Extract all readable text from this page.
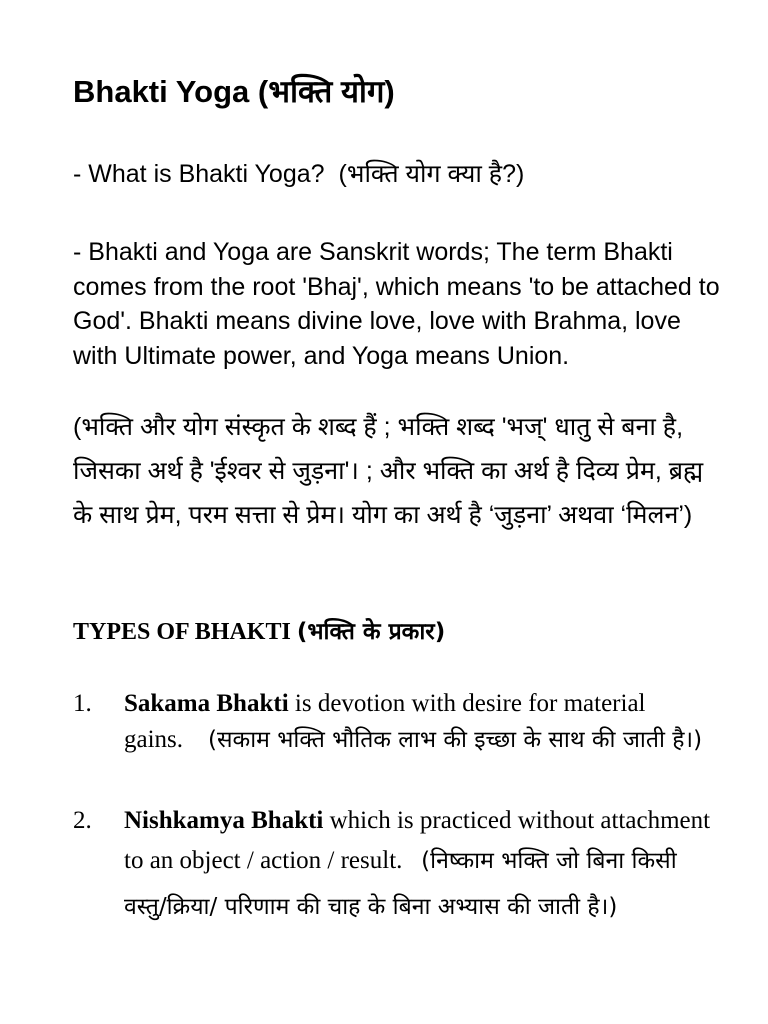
Bhakti Yoga (भक्ति योग)
- What is Bhakti Yoga? (भक्ति योग क्या है?)
- Bhakti and Yoga are Sanskrit words; The term Bhakti comes from the root 'Bhaj', which means 'to be attached to God'. Bhakti means divine love, love with Brahma, love with Ultimate power, and Yoga means Union.
(भक्ति और योग संस्कृत के शब्द हैं ; भक्ति शब्द 'भज्' धातु से बना है, जिसका अर्थ है 'ईश्वर से जुड़ना'। ; और भक्ति का अर्थ है दिव्य प्रेम, ब्रह्म के साथ प्रेम, परम सत्ता से प्रेम। योग का अर्थ है ‘जुड़ना’ अथवा ‘मिलन’)
TYPES OF BHAKTI (भक्ति के प्रकार)
1.	Sakama Bhakti is devotion with desire for material gains. (सकाम भक्ति भौतिक लाभ की इच्छा के साथ की जाती है।)
2.	Nishkamya Bhakti which is practiced without attachment to an object / action / result. (निष्काम भक्ति जो बिना किसी वस्तु/क्रिया/ परिणाम की चाह के बिना अभ्यास की जाती है।)
